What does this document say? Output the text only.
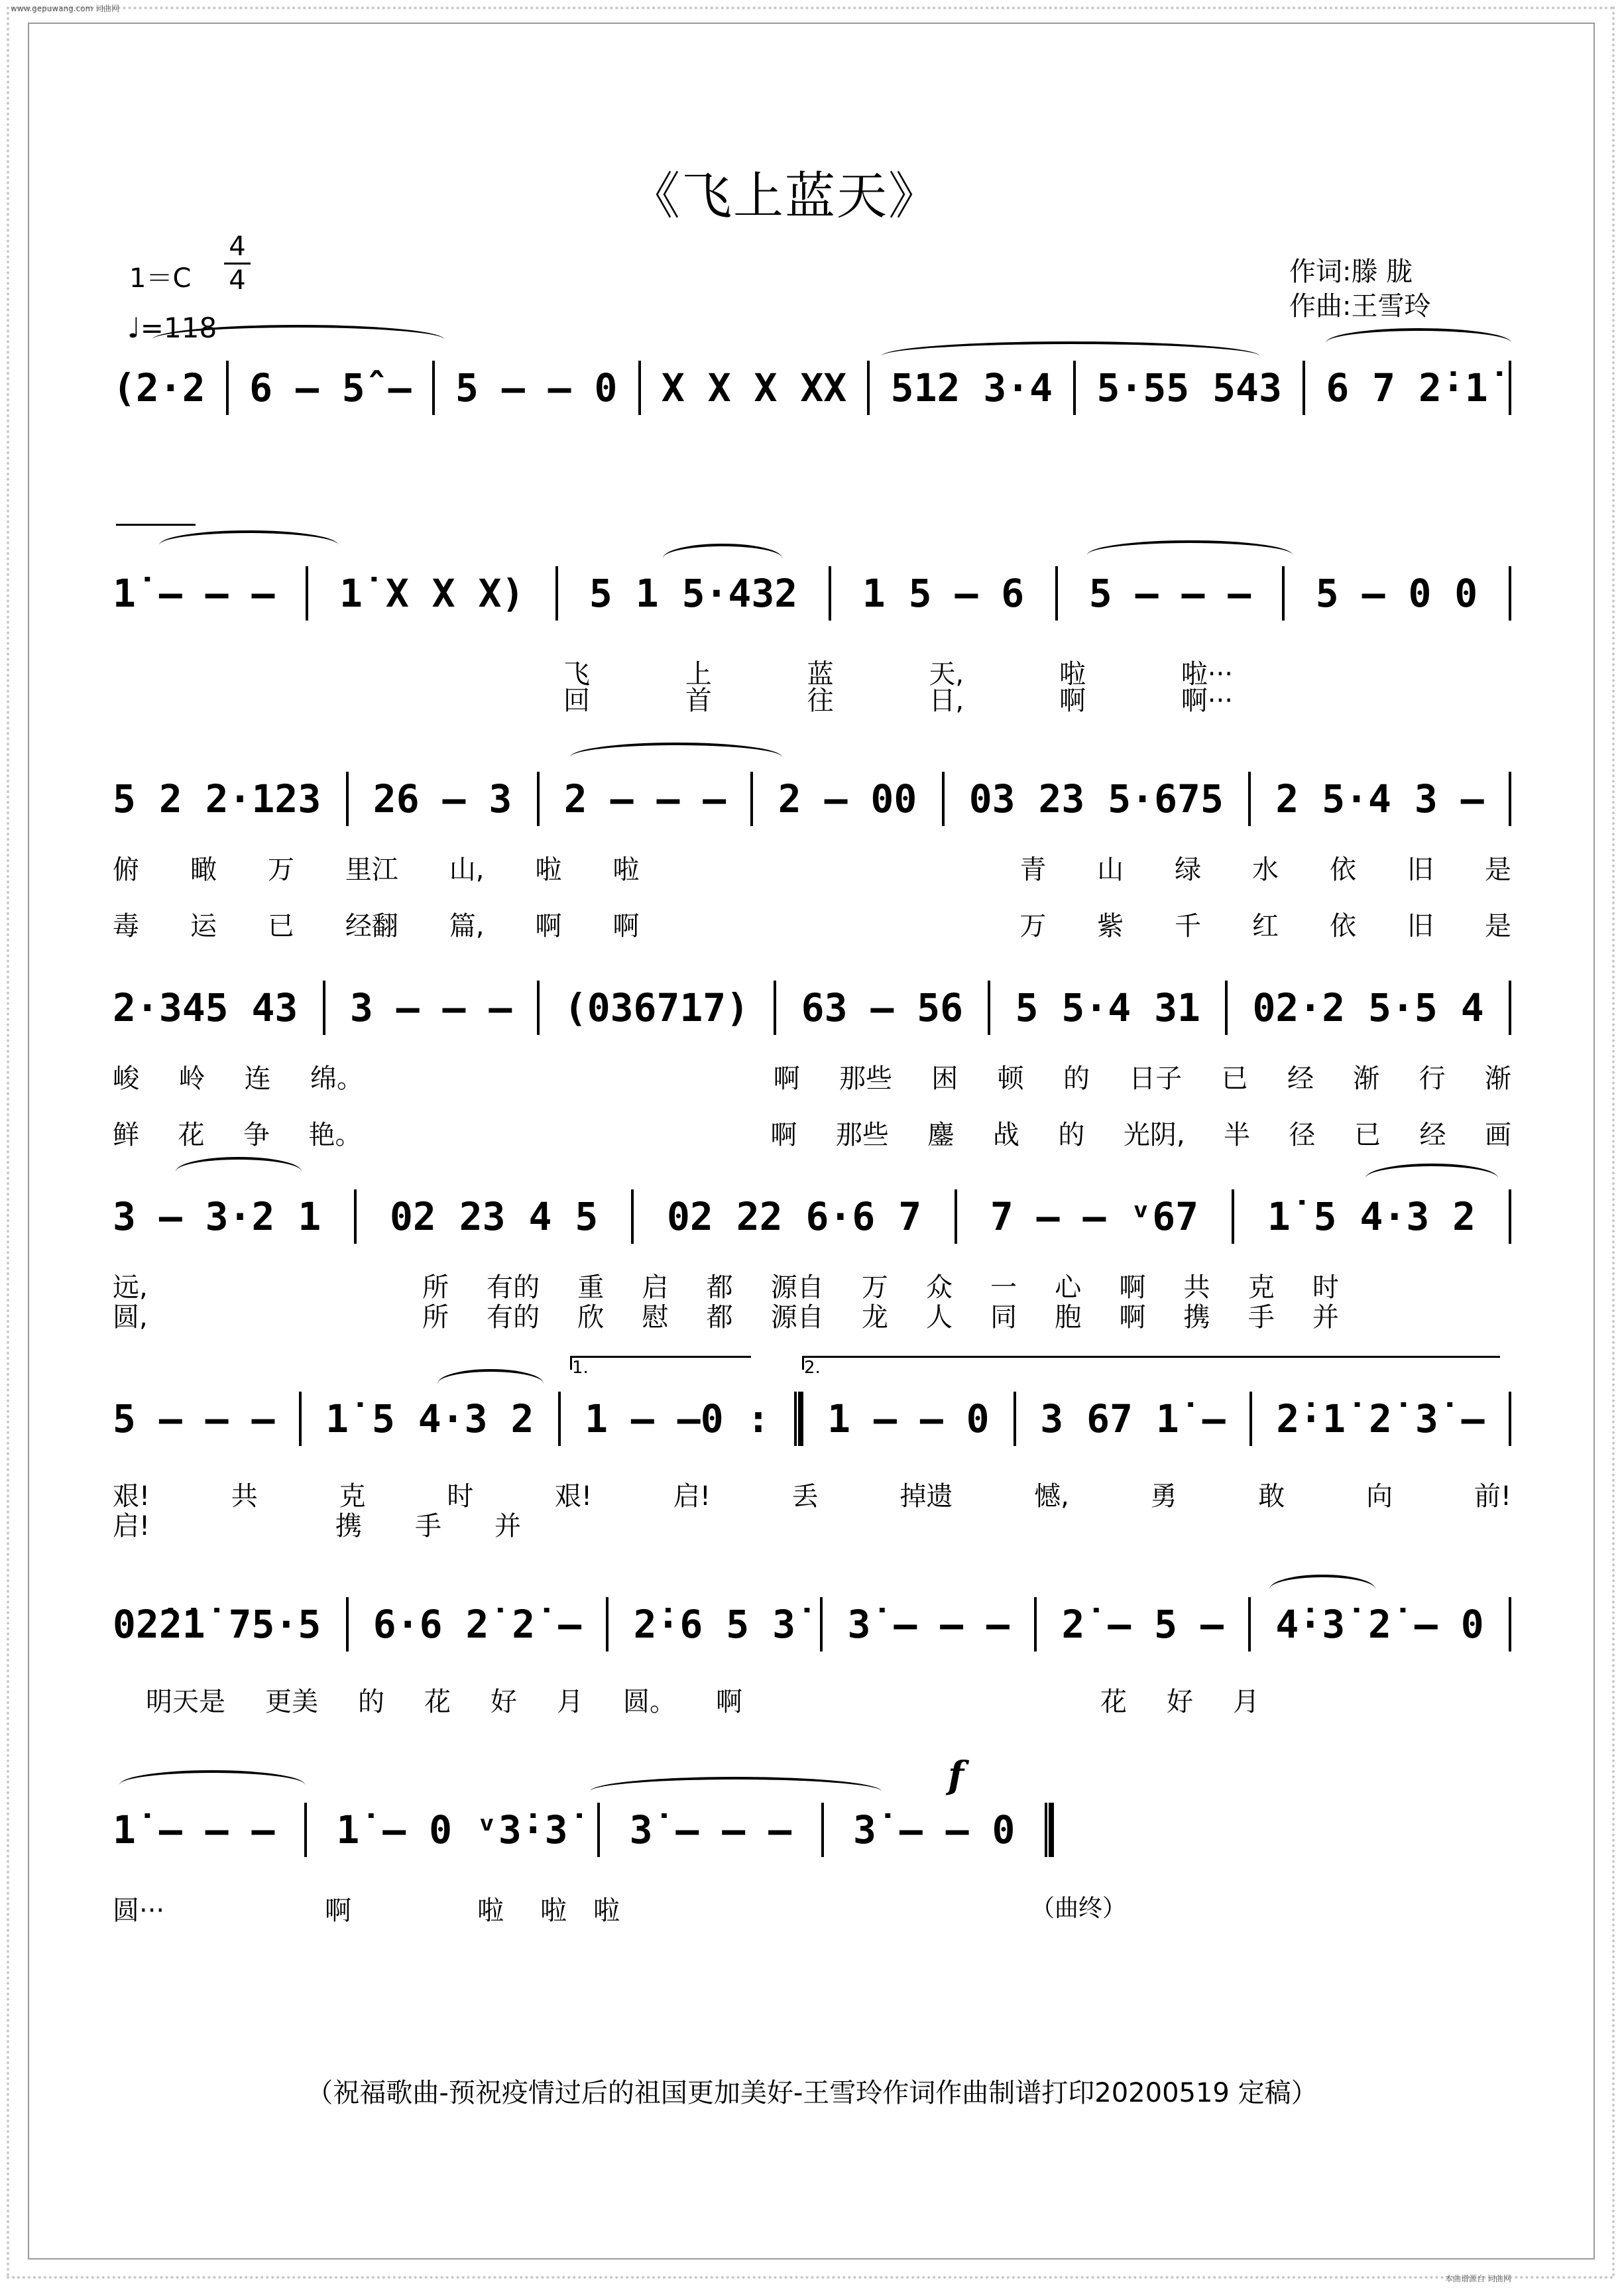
www.gepuwang.com 词曲网
《飞上蓝天》
$1=C \frac{4}{4}$
♩=118
作词:滕 胧
作曲:王雪玲
1.	2.
(2·2 6 – 5̂ – 5 – – 0 X X X XX 512 3·4 5·55 543 6 7 2̇·1̇
1̇ – – – 1̇ X X X) 5 1 5·432 1 5 – 6 5 – – – 5 – 0 0
飞	上	蓝	天,	啦	啦···
回	首	往	日,	啊	啊···
5 2 2·123 26 – 3 2 – – – 2 – 00 03 23 5·675 2 5·4 3 –
俯 瞰 万 里江 山, 啦 啦	青 山 绿 水 依 旧 是
毒 运 已 经翻 篇, 啊 啊	万 紫 千 红 依 旧 是
2·345 43 3 – – – (036717) 63 – 56 5 5·4 31 02·2 5·5 4
峻 岭 连 绵。	啊 那些 困 顿 的 日子 已 经 渐 行 渐
鲜 花 争 艳。	啊 那些 鏖 战 的 光阴, 半 径 已 经 画
3 – 3·2 1 02 23 4 5 02 22 6·6 7 7 – – ᵛ67 1̇ 5 4·3 2
远,	所 有的 重 启 都 源自 万 众 一 心 啊 共 克 时
圆,	所 有的 欣 慰 都 源自 龙 人 同 胞 啊 携 手 并
5 – – – 1̇ 5 4·3 2 1 – –0 : 1 – – 0 3 67 1̇ – 2̇·1̇ 2̇ 3̇ –
艰!	共	克	时	艰!	启!	丢	掉遗	憾,	勇	敢	向	前!
启!	携 手 并
02̇2̇1̇ 75·5 6·6 2̇ 2̇ – 2̇·6 5 3̇ 3̇ – – – 2̇ – 5 – 4̇·3̇ 2̇ – 0
明天是 更美 的 花 好 月 圆。 啊	花 好 月
f
1̇ – – – 1̇ – 0 ᵛ3̇·3̇ 3̇ – – – 3̇ – – 0
圆···	啊	啦	啦	啦	（曲终）
（祝福歌曲-预祝疫情过后的祖国更加美好-王雪玲作词作曲制谱打印20200519 定稿）
本曲谱源自 词曲网
